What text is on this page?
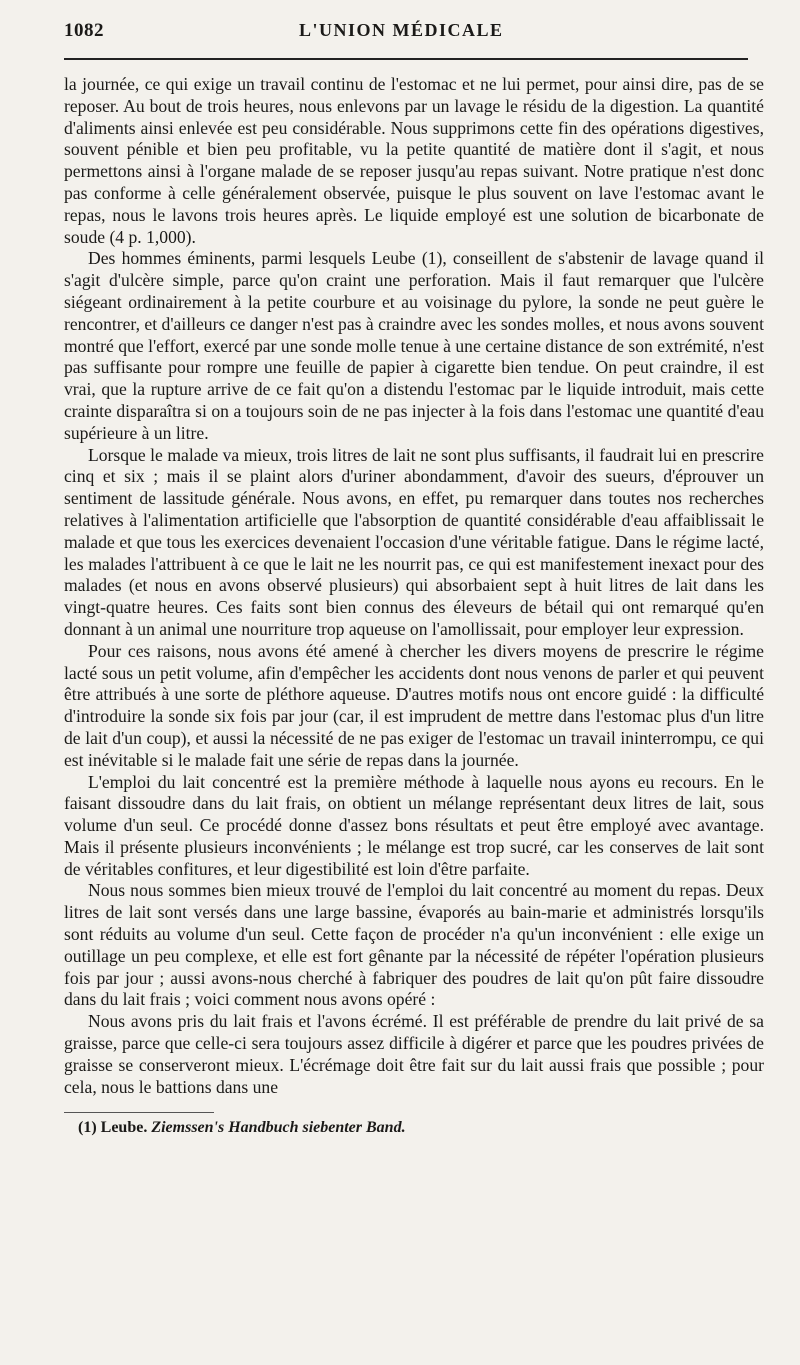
1082	L'UNION MÉDICALE

la journée, ce qui exige un travail continu de l'estomac et ne lui permet, pour ainsi dire, pas de se reposer. Au bout de trois heures, nous enlevons par un lavage le résidu de la digestion. La quantité d'aliments ainsi enlevée est peu considérable. Nous supprimons cette fin des opérations digestives, souvent pénible et bien peu profitable, vu la petite quantité de matière dont il s'agit, et nous permettons ainsi à l'organe malade de se reposer jusqu'au repas suivant. Notre pratique n'est donc pas conforme à celle généralement observée, puisque le plus souvent on lave l'estomac avant le repas, nous le lavons trois heures après. Le liquide employé est une solution de bicarbonate de soude (4 p. 1,000).

Des hommes éminents, parmi lesquels Leube (1), conseillent de s'abstenir de lavage quand il s'agit d'ulcère simple, parce qu'on craint une perforation. Mais il faut remarquer que l'ulcère siégeant ordinairement à la petite courbure et au voisinage du pylore, la sonde ne peut guère le rencontrer, et d'ailleurs ce danger n'est pas à craindre avec les sondes molles, et nous avons souvent montré que l'effort, exercé par une sonde molle tenue à une certaine distance de son extrémité, n'est pas suffisante pour rompre une feuille de papier à cigarette bien tendue. On peut craindre, il est vrai, que la rupture arrive de ce fait qu'on a distendu l'estomac par le liquide introduit, mais cette crainte disparaîtra si on a toujours soin de ne pas injecter à la fois dans l'estomac une quantité d'eau supérieure à un litre.

Lorsque le malade va mieux, trois litres de lait ne sont plus suffisants, il faudrait lui en prescrire cinq et six ; mais il se plaint alors d'uriner abondamment, d'avoir des sueurs, d'éprouver un sentiment de lassitude générale. Nous avons, en effet, pu remarquer dans toutes nos recherches relatives à l'alimentation artificielle que l'absorption de quantité considérable d'eau affaiblissait le malade et que tous les exercices devenaient l'occasion d'une véritable fatigue. Dans le régime lacté, les malades l'attribuent à ce que le lait ne les nourrit pas, ce qui est manifestement inexact pour des malades (et nous en avons observé plusieurs) qui absorbaient sept à huit litres de lait dans les vingt-quatre heures. Ces faits sont bien connus des éleveurs de bétail qui ont remarqué qu'en donnant à un animal une nourriture trop aqueuse on l'amollissait, pour employer leur expression.

Pour ces raisons, nous avons été amené à chercher les divers moyens de prescrire le régime lacté sous un petit volume, afin d'empêcher les accidents dont nous venons de parler et qui peuvent être attribués à une sorte de pléthore aqueuse. D'autres motifs nous ont encore guidé : la difficulté d'introduire la sonde six fois par jour (car, il est imprudent de mettre dans l'estomac plus d'un litre de lait d'un coup), et aussi la nécessité de ne pas exiger de l'estomac un travail ininterrompu, ce qui est inévitable si le malade fait une série de repas dans la journée.

L'emploi du lait concentré est la première méthode à laquelle nous ayons eu recours. En le faisant dissoudre dans du lait frais, on obtient un mélange représentant deux litres de lait, sous volume d'un seul. Ce procédé donne d'assez bons résultats et peut être employé avec avantage. Mais il présente plusieurs inconvénients ; le mélange est trop sucré, car les conserves de lait sont de véritables confitures, et leur digestibilité est loin d'être parfaite.

Nous nous sommes bien mieux trouvé de l'emploi du lait concentré au moment du repas. Deux litres de lait sont versés dans une large bassine, évaporés au bain-marie et administrés lorsqu'ils sont réduits au volume d'un seul. Cette façon de procéder n'a qu'un inconvénient : elle exige un outillage un peu complexe, et elle est fort gênante par la nécessité de répéter l'opération plusieurs fois par jour ; aussi avons-nous cherché à fabriquer des poudres de lait qu'on pût faire dissoudre dans du lait frais ; voici comment nous avons opéré :

Nous avons pris du lait frais et l'avons écrémé. Il est préférable de prendre du lait privé de sa graisse, parce que celle-ci sera toujours assez difficile à digérer et parce que les poudres privées de graisse se conserveront mieux. L'écrémage doit être fait sur du lait aussi frais que possible ; pour cela, nous le battions dans une

(1) Leube. Ziemssen's Handbuch siebenter Band.
